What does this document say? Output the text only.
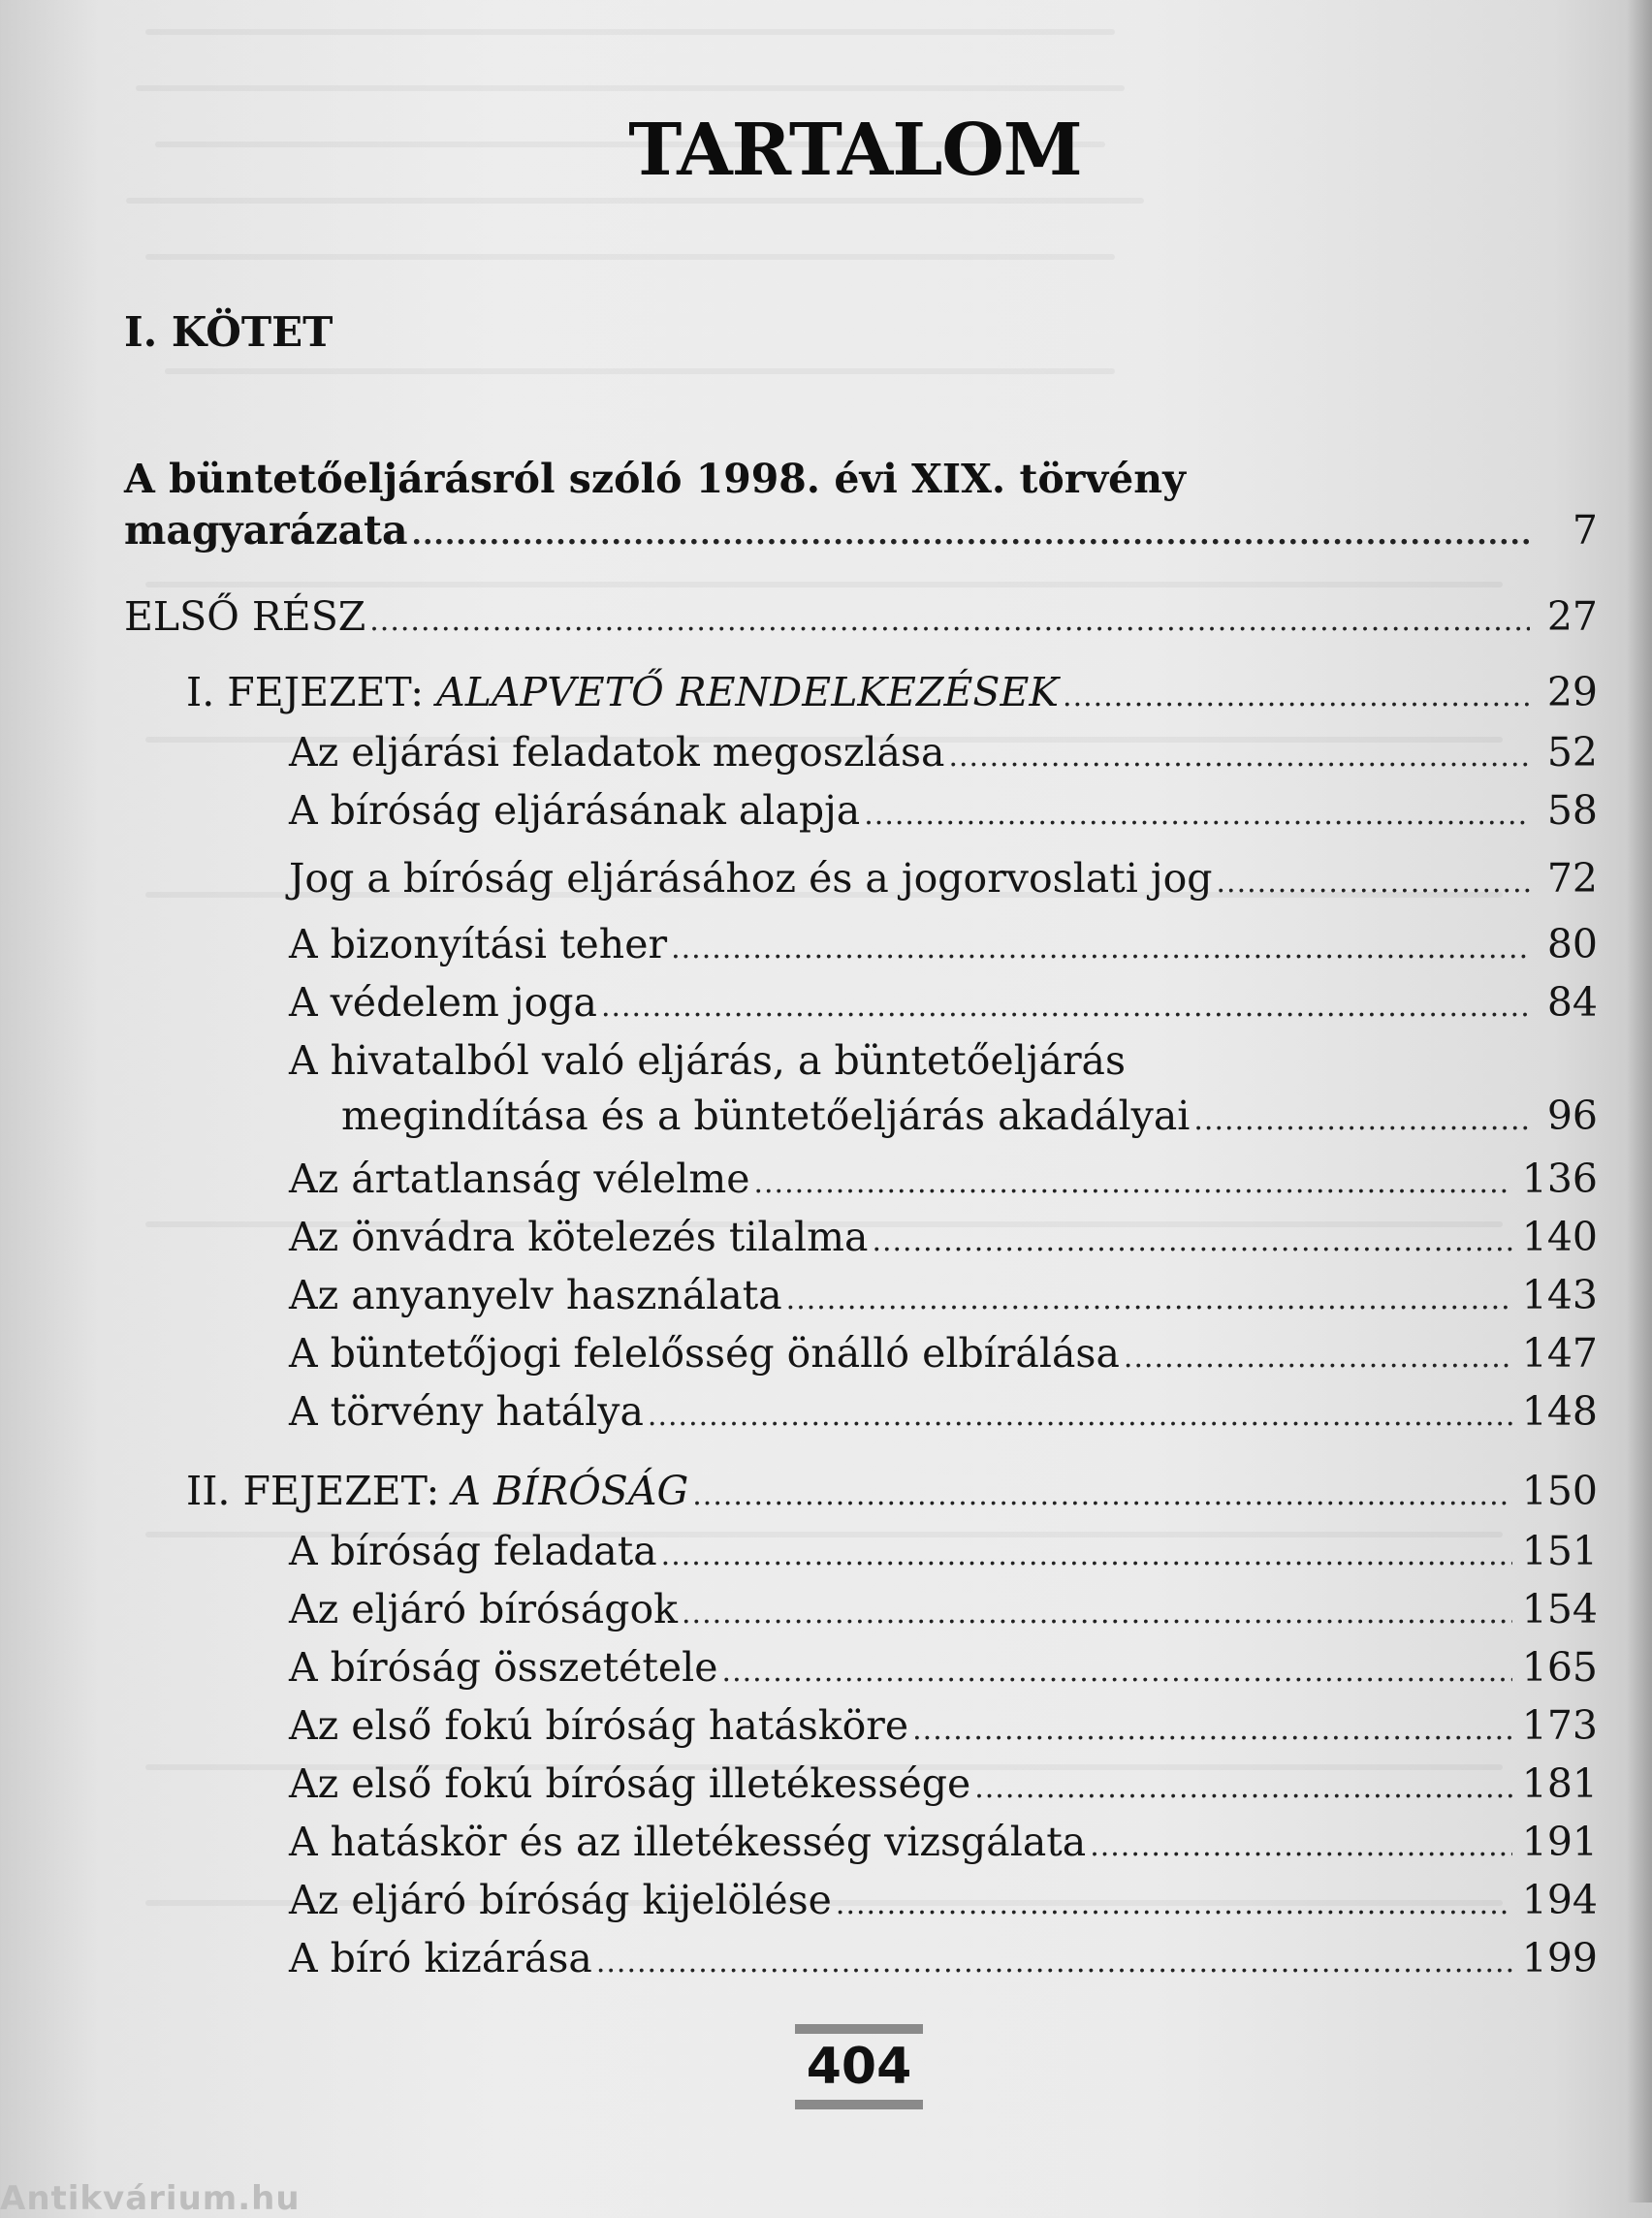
TARTALOM
I. KÖTET
A büntetőeljárásról szóló 1998. évi XIX. törvény
magyarázata .....	7
ELSŐ RÉSZ .....	27
I. FEJEZET: ALAPVETŐ RENDELKEZÉSEK .....	29
Az eljárási feladatok megoszlása .....	52
A bíróság eljárásának alapja .....	58
Jog a bíróság eljárásához és a jogorvoslati jog .....	72
A bizonyítási teher .....	80
A védelem joga .....	84
A hivatalból való eljárás, a büntetőeljárás
megindítása és a büntetőeljárás akadályai .....	96
Az ártatlanság vélelme .....	136
Az önvádra kötelezés tilalma .....	140
Az anyanyelv használata .....	143
A büntetőjogi felelősség önálló elbírálása .....	147
A törvény hatálya .....	148
II. FEJEZET: A BÍRÓSÁG .....	150
A bíróság feladata .....	151
Az eljáró bíróságok .....	154
A bíróság összetétele .....	165
Az első fokú bíróság hatásköre .....	173
Az első fokú bíróság illetékessége .....	181
A hatáskör és az illetékesség vizsgálata .....	191
Az eljáró bíróság kijelölése .....	194
A bíró kizárása .....	199
404
Antikvárium.hu
